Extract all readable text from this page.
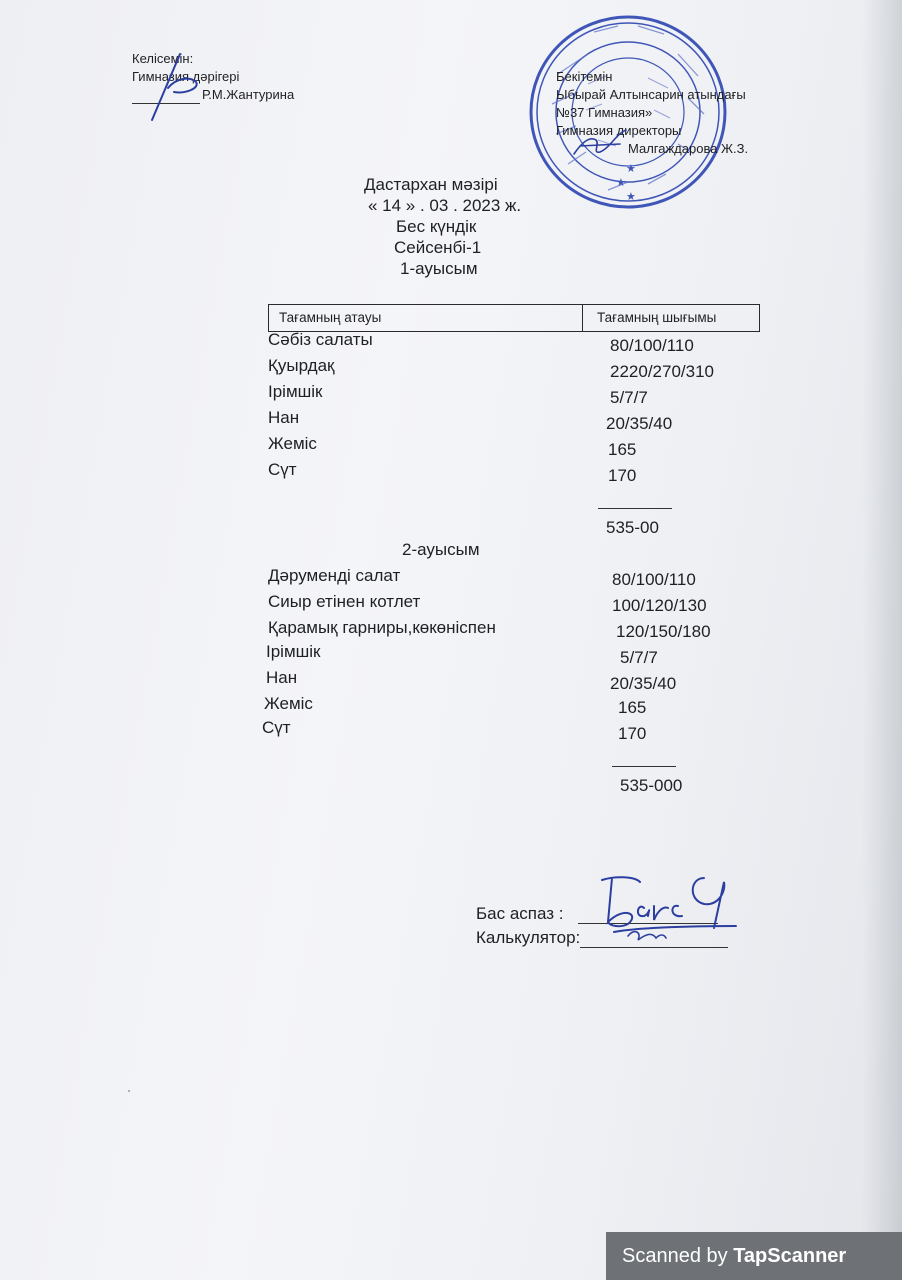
Келісемін:
Гимназия дәрігері
Р.М.Жантурина
★
★
★
Бекітемін
Ыбырай Алтынсарин атындағы
№37 Гимназия»
Гимназия директоры
Малгаждарова Ж.З.
Дастархан мәзірі
« 14 » . 03 . 2023 ж.
Бес күндік
Сейсенбі-1
1-ауысым
Тағамның атауы	Тағамның шығымы
Сәбіз салаты	80/100/110
Қуырдақ	2220/270/310
Ірімшік	5/7/7
Нан	20/35/40
Жеміс	165
Сүт	170
535-00
2-ауысым
Дәруменді салат	80/100/110
Сиыр етінен котлет	100/120/130
Қарамық гарниры,көкөніспен	120/150/180
Ірімшік	5/7/7
Нан	20/35/40
Жеміс	165
Сүт	170
535-000
Бас аспаз :
Калькулятор:
Scanned by TapScanner
